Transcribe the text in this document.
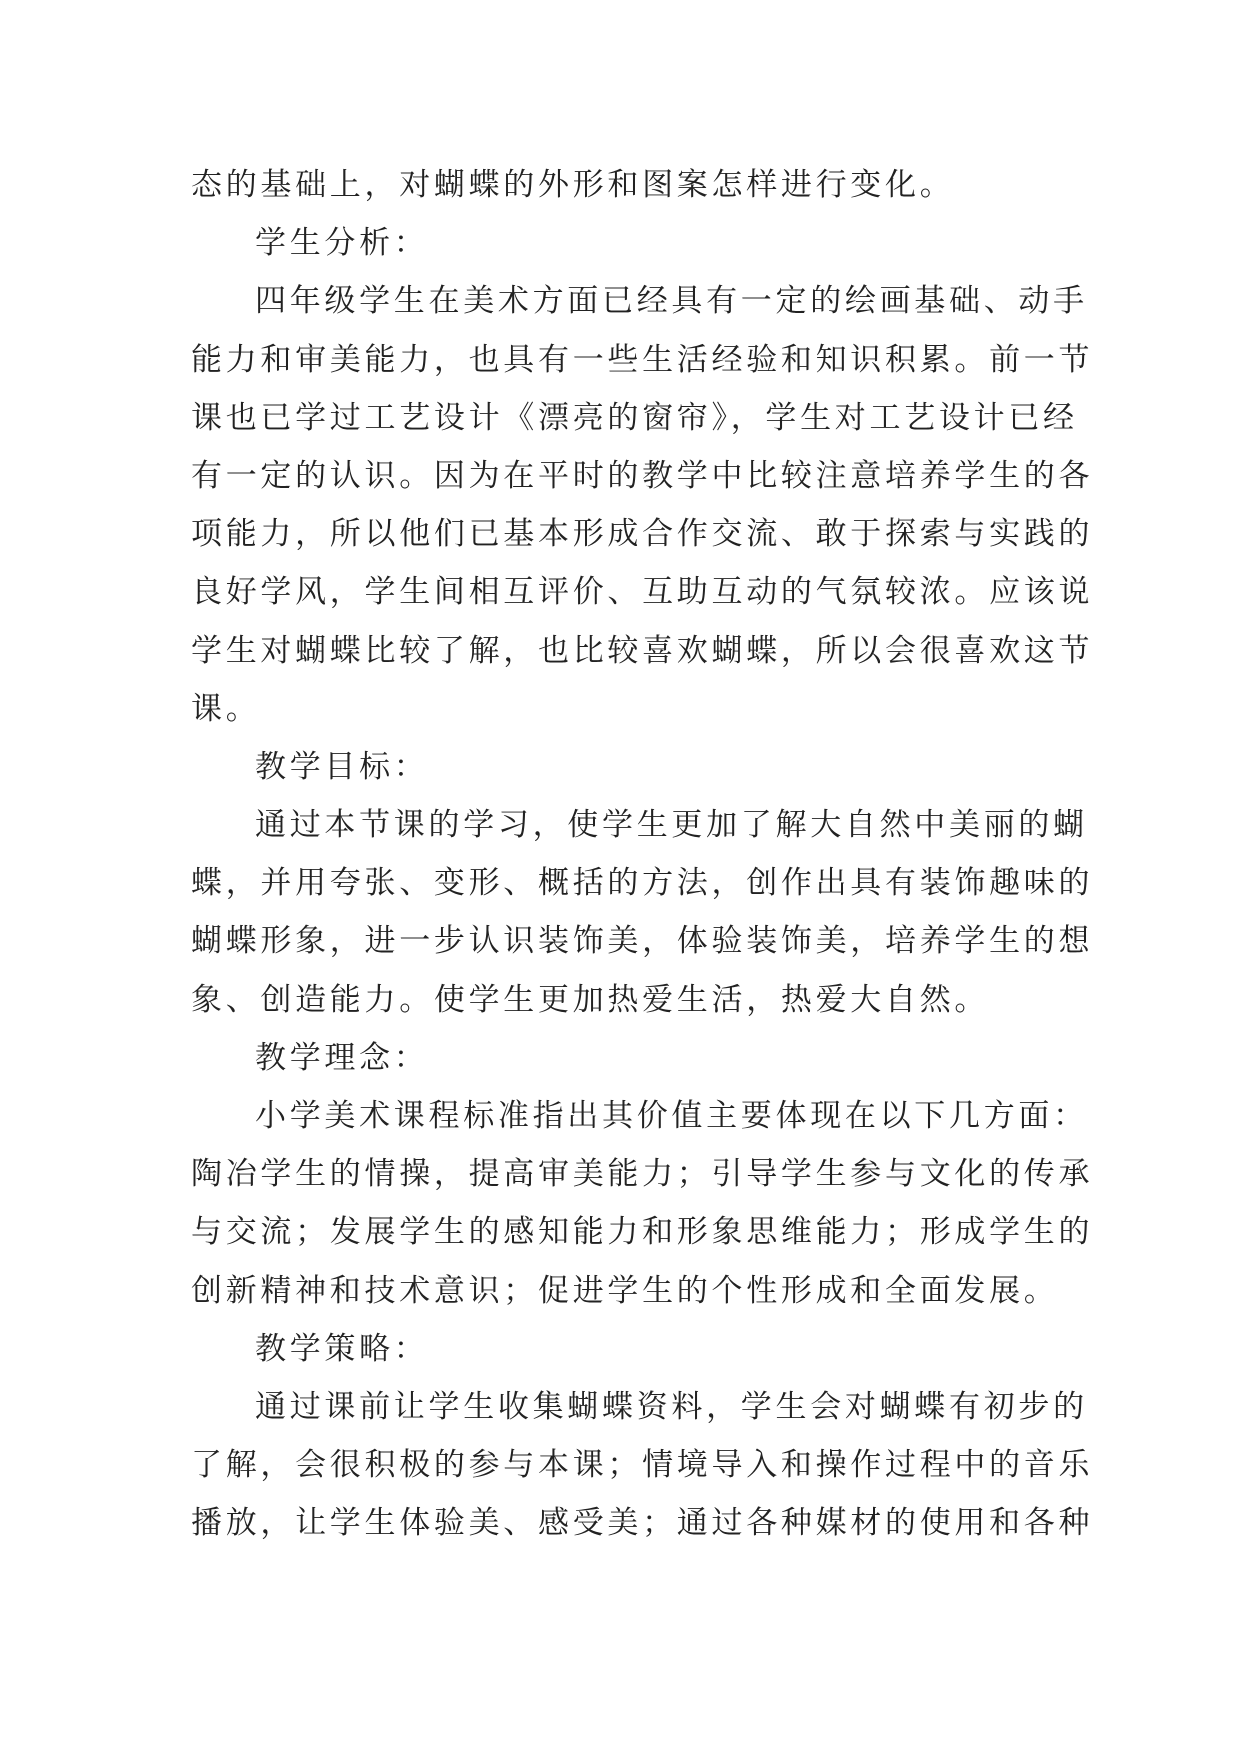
态的基础上，对蝴蝶的外形和图案怎样进行变化。
学生分析：
四年级学生在美术方面已经具有一定的绘画基础、动手
能力和审美能力，也具有一些生活经验和知识积累。前一节
课也已学过工艺设计《漂亮的窗帘》，学生对工艺设计已经
有一定的认识。因为在平时的教学中比较注意培养学生的各
项能力，所以他们已基本形成合作交流、敢于探索与实践的
良好学风，学生间相互评价、互助互动的气氛较浓。应该说
学生对蝴蝶比较了解，也比较喜欢蝴蝶，所以会很喜欢这节
课。
教学目标：
通过本节课的学习，使学生更加了解大自然中美丽的蝴
蝶，并用夸张、变形、概括的方法，创作出具有装饰趣味的
蝴蝶形象，进一步认识装饰美，体验装饰美，培养学生的想
象、创造能力。使学生更加热爱生活，热爱大自然。
教学理念：
小学美术课程标准指出其价值主要体现在以下几方面：
陶冶学生的情操，提高审美能力；引导学生参与文化的传承
与交流；发展学生的感知能力和形象思维能力；形成学生的
创新精神和技术意识；促进学生的个性形成和全面发展。
教学策略：
通过课前让学生收集蝴蝶资料，学生会对蝴蝶有初步的
了解，会很积极的参与本课；情境导入和操作过程中的音乐
播放，让学生体验美、感受美；通过各种媒材的使用和各种
